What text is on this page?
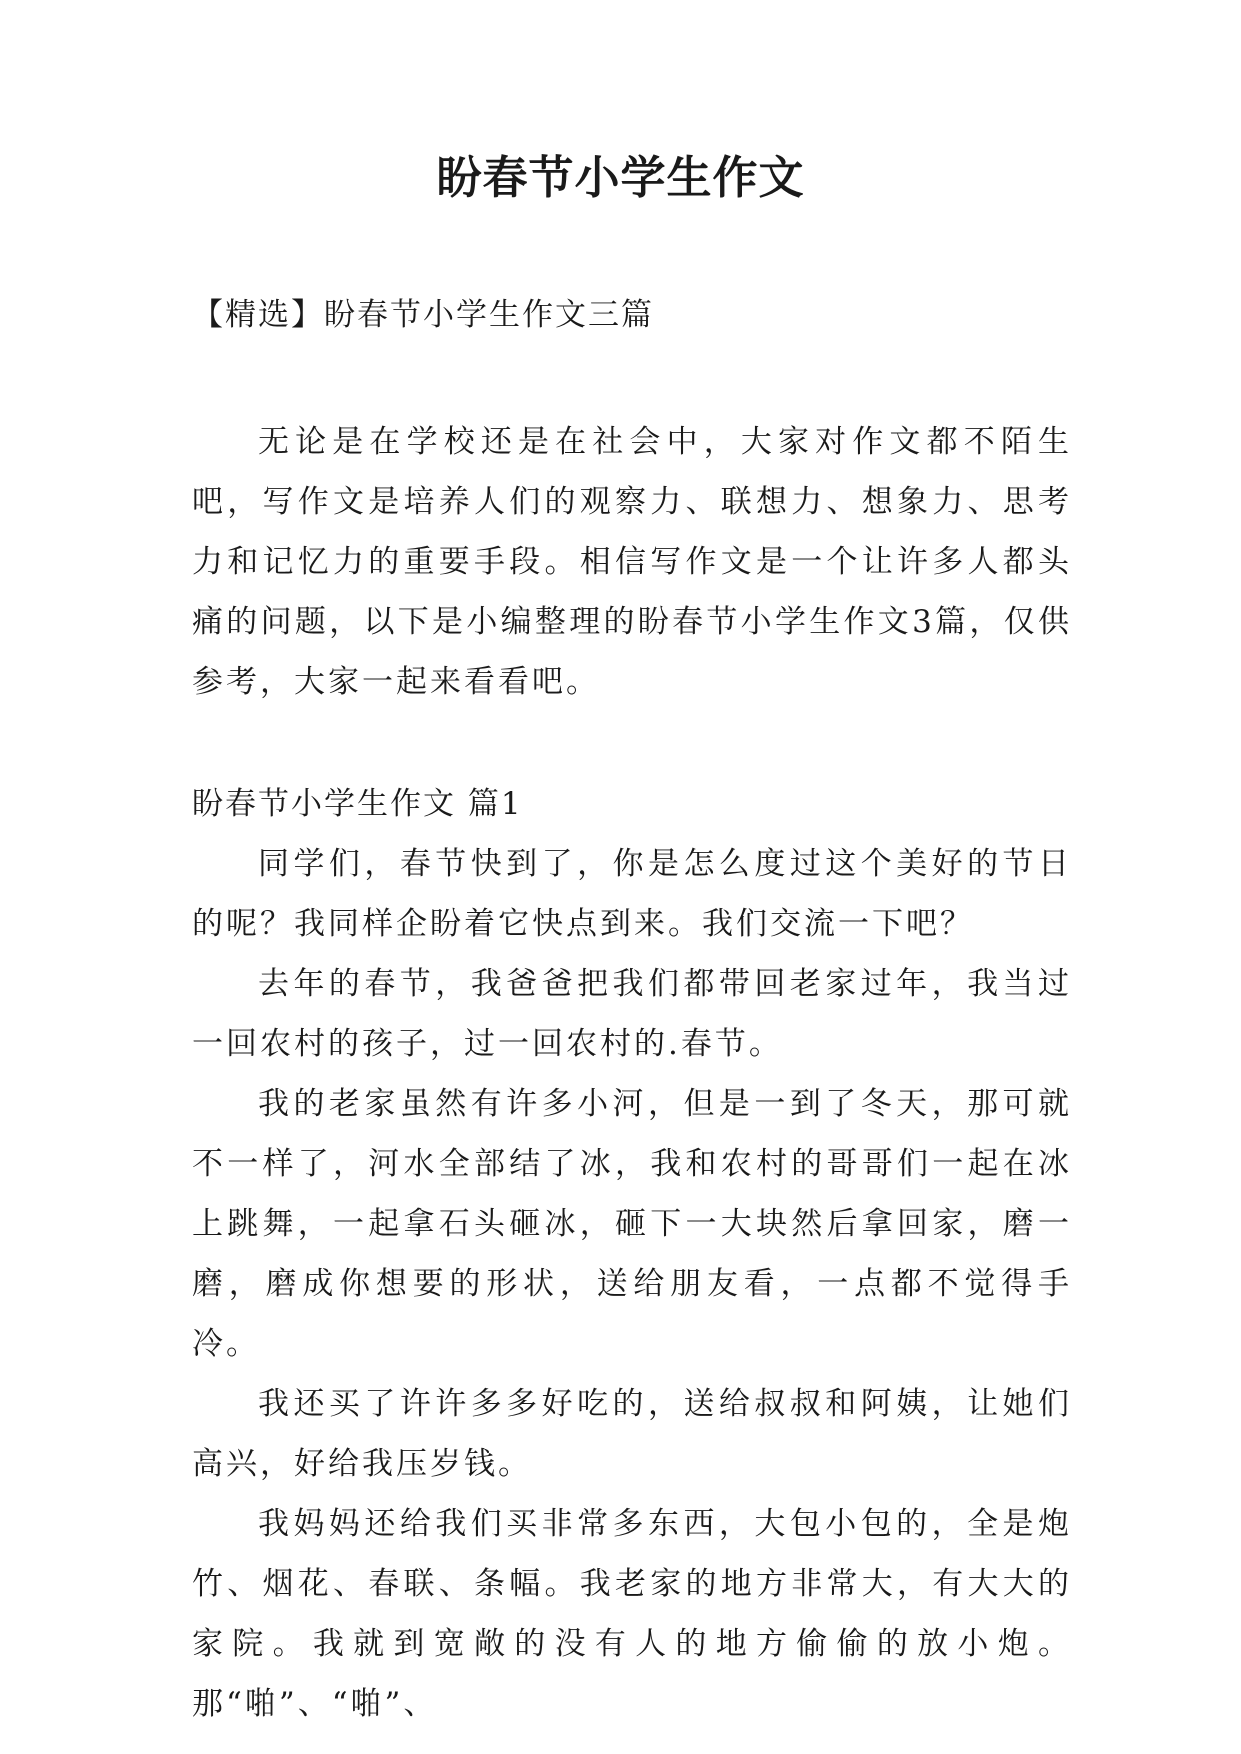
盼春节小学生作文

【精选】盼春节小学生作文三篇

无论是在学校还是在社会中，大家对作文都不陌生吧，写作文是培养人们的观察力、联想力、想象力、思考力和记忆力的重要手段。相信写作文是一个让许多人都头痛的问题，以下是小编整理的盼春节小学生作文3篇，仅供参考，大家一起来看看吧。

盼春节小学生作文 篇1

同学们，春节快到了，你是怎么度过这个美好的节日的呢？我同样企盼着它快点到来。我们交流一下吧？

去年的春节，我爸爸把我们都带回老家过年，我当过一回农村的孩子，过一回农村的.春节。

我的老家虽然有许多小河，但是一到了冬天，那可就不一样了，河水全部结了冰，我和农村的哥哥们一起在冰上跳舞，一起拿石头砸冰，砸下一大块然后拿回家，磨一磨，磨成你想要的形状，送给朋友看，一点都不觉得手冷。

我还买了许许多多好吃的，送给叔叔和阿姨，让她们高兴，好给我压岁钱。

我妈妈还给我们买非常多东西，大包小包的，全是炮竹、烟花、春联、条幅。我老家的地方非常大，有大大的家院。我就到宽敞的没有人的地方偷偷的放小炮。那“啪”、“啪”、
